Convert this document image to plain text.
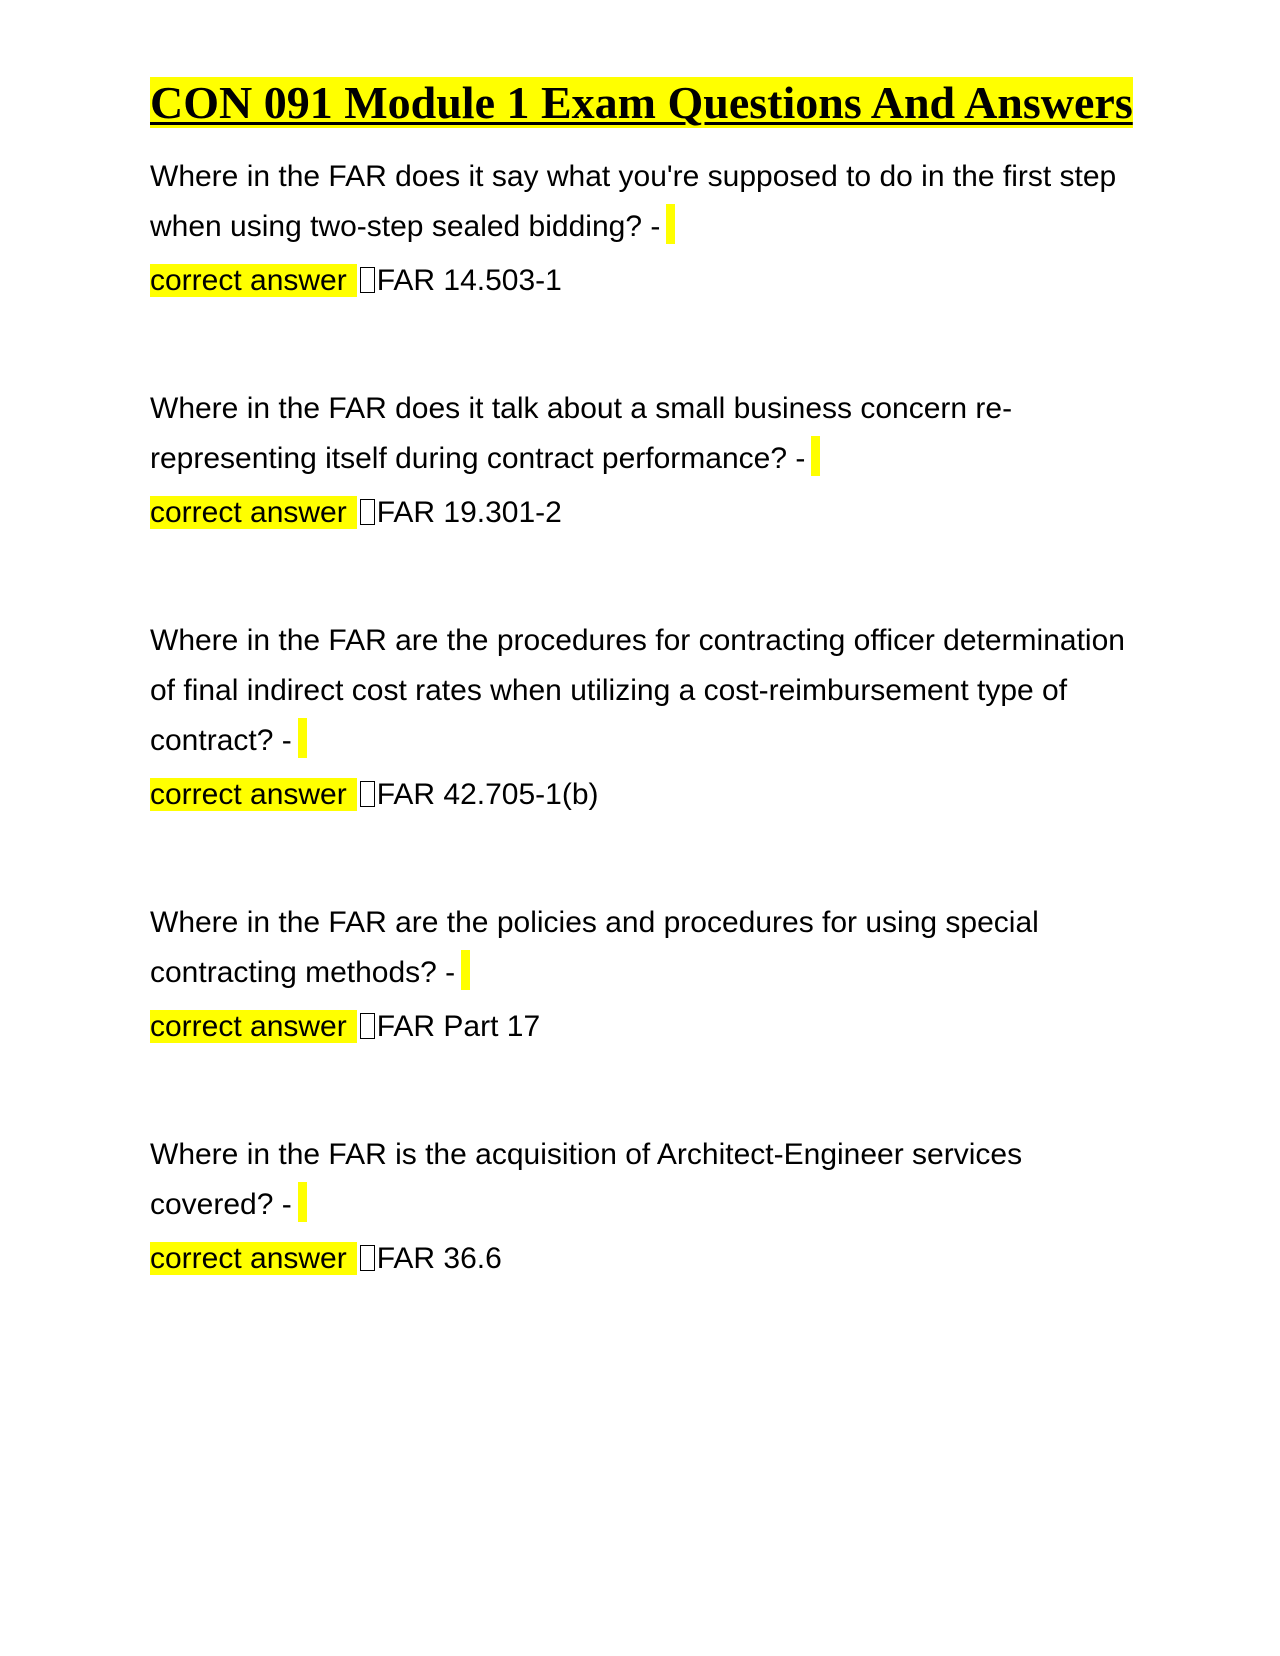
CON 091 Module 1 Exam Questions And Answers

Where in the FAR does it say what you're supposed to do in the first step when using two-step sealed bidding? -

correct answer FAR 14.503-1

Where in the FAR does it talk about a small business concern re-representing itself during contract performance? -

correct answer FAR 19.301-2

Where in the FAR are the procedures for contracting officer determination of final indirect cost rates when utilizing a cost-reimbursement type of contract? -

correct answer FAR 42.705-1(b)

Where in the FAR are the policies and procedures for using special contracting methods? -

correct answer FAR Part 17

Where in the FAR is the acquisition of Architect-Engineer services covered? -

correct answer FAR 36.6
